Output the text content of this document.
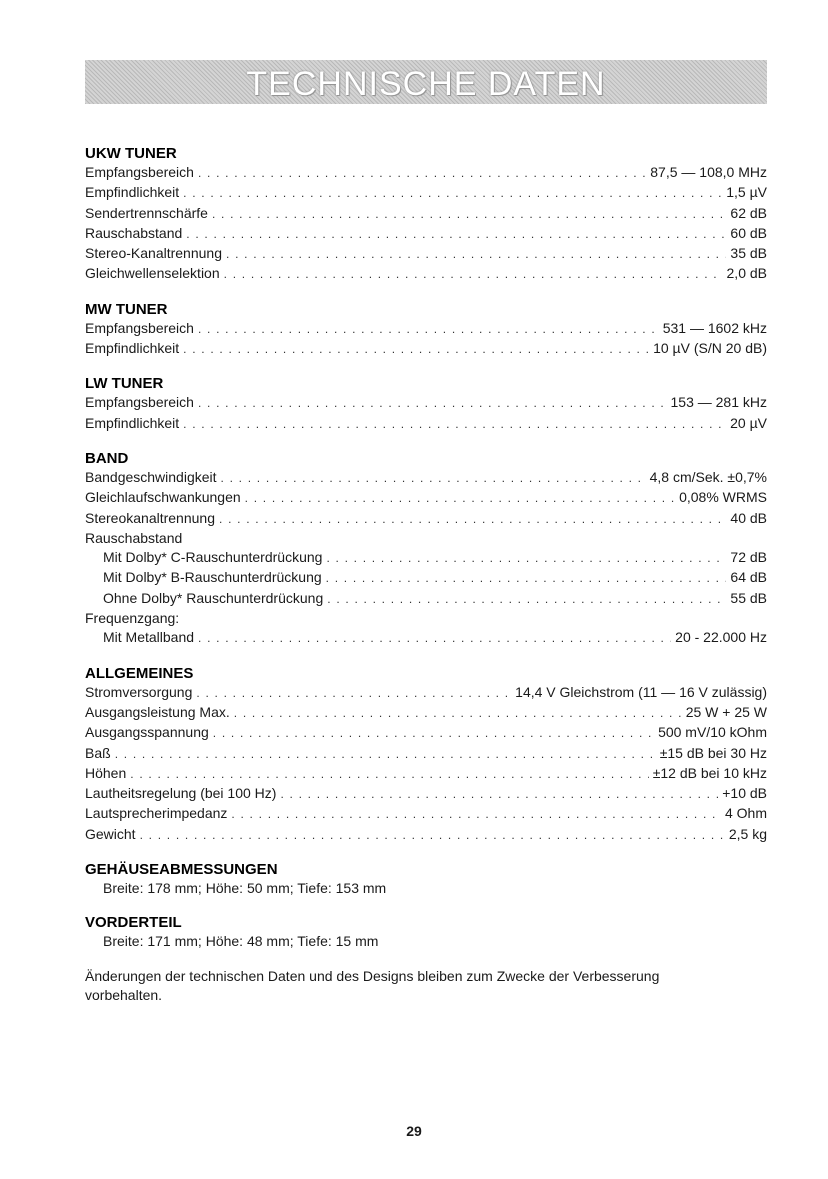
TECHNISCHE DATEN
UKW TUNER
Empfangsbereich . . .	87,5 — 108,0 MHz
Empfindlichkeit . . .	1,5 µV
Sendertrennschärfe . . .	62 dB
Rauschabstand . . .	60 dB
Stereo-Kanaltrennung . . .	35 dB
Gleichwellenselektion . . .	2,0 dB
MW TUNER
Empfangsbereich . . .	531 — 1602 kHz
Empfindlichkeit . . .	10 µV (S/N 20 dB)
LW TUNER
Empfangsbereich . . .	153 — 281 kHz
Empfindlichkeit . . .	20 µV
BAND
Bandgeschwindigkeit . . .	4,8 cm/Sek. ±0,7%
Gleichlaufschwankungen . . .	0,08% WRMS
Stereokanaltrennung . . .	40 dB
Rauschabstand
Mit Dolby* C-Rauschunterdrückung . . .	72 dB
Mit Dolby* B-Rauschunterdrückung . . .	64 dB
Ohne Dolby* Rauschunterdrückung . . .	55 dB
Frequenzgang:
Mit Metallband . . .	20 - 22.000 Hz
ALLGEMEINES
Stromversorgung . . .	14,4 V Gleichstrom (11 — 16 V zulässig)
Ausgangsleistung Max. . . .	25 W + 25 W
Ausgangsspannung . . .	500 mV/10 kOhm
Baß . . .	±15 dB bei 30 Hz
Höhen . . .	±12 dB bei 10 kHz
Lautheitsregelung (bei 100 Hz) . . .	+10 dB
Lautsprecherimpedanz . . .	4 Ohm
Gewicht . . .	2,5 kg
GEHÄUSEABMESSUNGEN
Breite: 178 mm; Höhe: 50 mm; Tiefe: 153 mm
VORDERTEIL
Breite: 171 mm; Höhe: 48 mm; Tiefe: 15 mm
Änderungen der technischen Daten und des Designs bleiben zum Zwecke der Verbesserung vorbehalten.
29
